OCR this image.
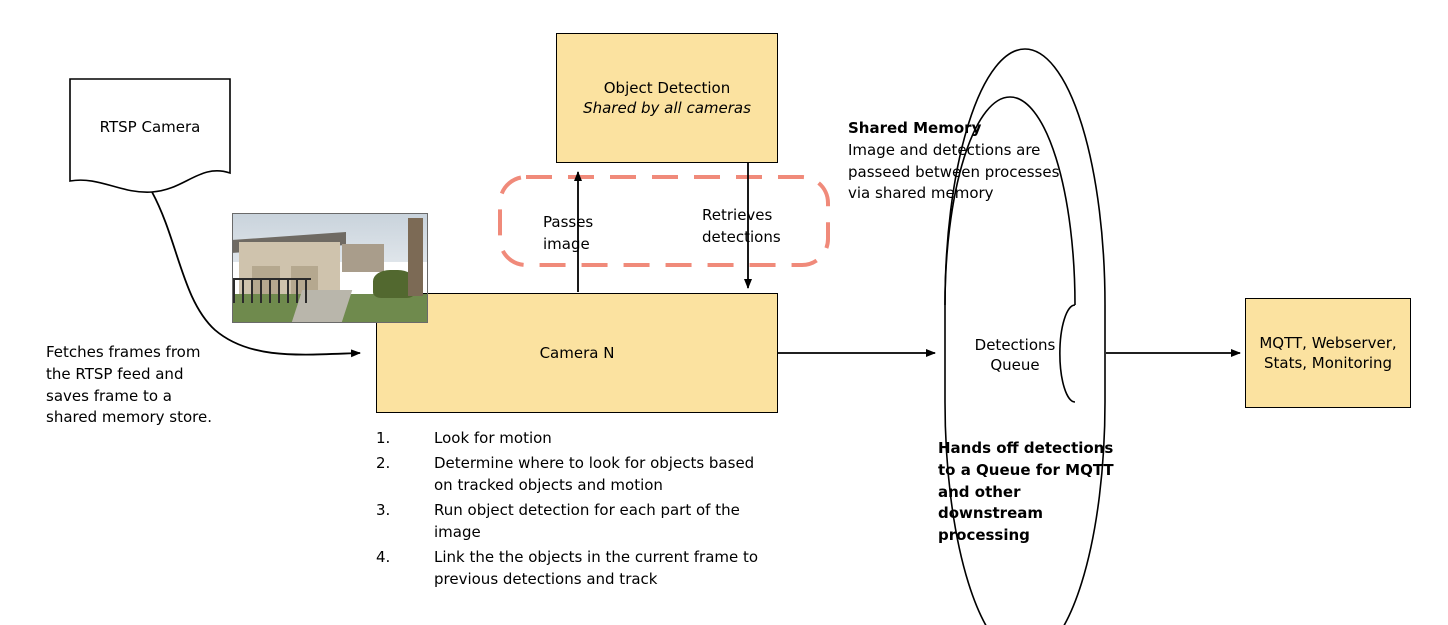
RTSP Camera
Object Detection
Shared by all cameras
Camera N	Detections
Queue
MQTT, Webserver,
Stats, Monitoring
Passes
image
Retrieves
detections
Shared Memory
Image and detections are passeed between processes via shared memory
Fetches frames from the RTSP feed and saves frame to a shared memory store.
Hands off detections to a Queue for MQTT and other downstream processing
1.	Look for motion
2.	Determine where to look for objects based on tracked objects and motion
3.	Run object detection for each part of the image
4.	Link the the objects in the current frame to previous detections and track
